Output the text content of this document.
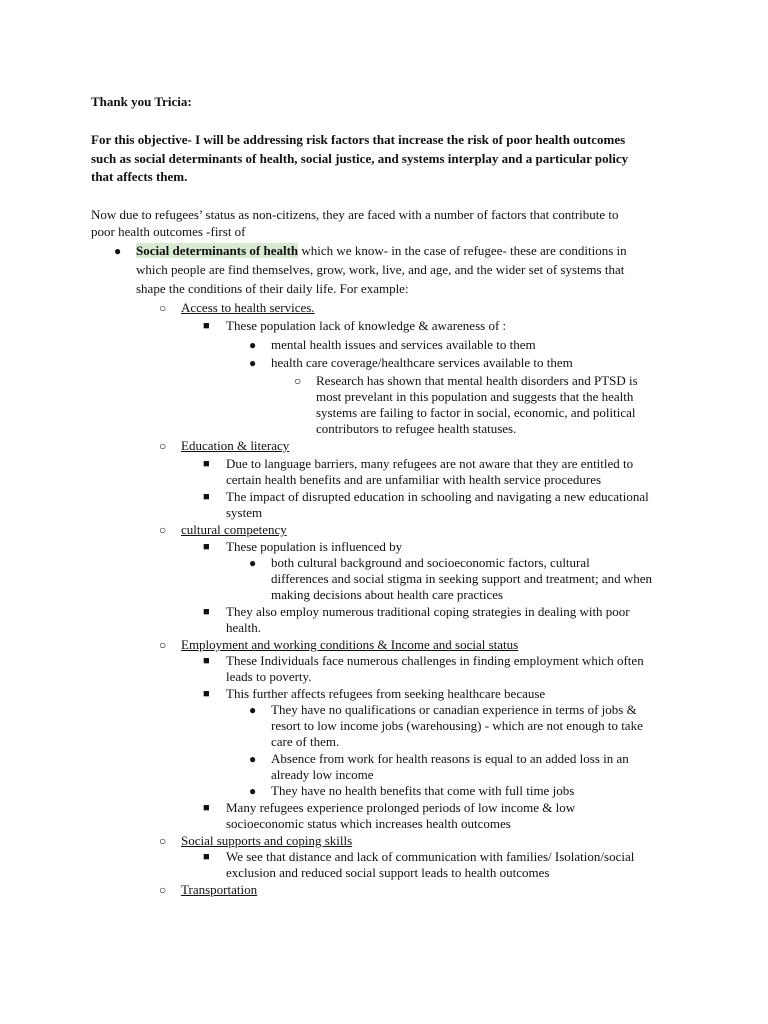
Thank you Tricia:
For this objective- I will be addressing risk factors that increase the risk of poor health outcomes
such as social determinants of health, social justice, and systems interplay and a particular policy
that affects them.
Now due to refugees’ status as non-citizens, they are faced with a number of factors that contribute to
poor health outcomes -first of
● Social determinants of health which we know- in the case of refugee- these are conditions in
which people are find themselves, grow, work, live, and age, and the wider set of systems that
shape the conditions of their daily life. For example:
○ Access to health services.
■ These population lack of knowledge & awareness of :
● mental health issues and services available to them
● health care coverage/healthcare services available to them
○ Research has shown that mental health disorders and PTSD is
most prevelant in this population and suggests that the health
systems are failing to factor in social, economic, and political
contributors to refugee health statuses.
○ Education & literacy
■ Due to language barriers, many refugees are not aware that they are entitled to
certain health benefits and are unfamiliar with health service procedures
■ The impact of disrupted education in schooling and navigating a new educational
system
○ cultural competency
■ These population is influenced by
● both cultural background and socioeconomic factors, cultural
differences and social stigma in seeking support and treatment; and when
making decisions about health care practices
■ They also employ numerous traditional coping strategies in dealing with poor
health.
○ Employment and working conditions & Income and social status
■ These Individuals face numerous challenges in finding employment which often
leads to poverty.
■ This further affects refugees from seeking healthcare because
● They have no qualifications or canadian experience in terms of jobs &
resort to low income jobs (warehousing) - which are not enough to take
care of them.
● Absence from work for health reasons is equal to an added loss in an
already low income
● They have no health benefits that come with full time jobs
■ Many refugees experience prolonged periods of low income & low
socioeconomic status which increases health outcomes
○ Social supports and coping skills
■ We see that distance and lack of communication with families/ Isolation/social
exclusion and reduced social support leads to health outcomes
○ Transportation
